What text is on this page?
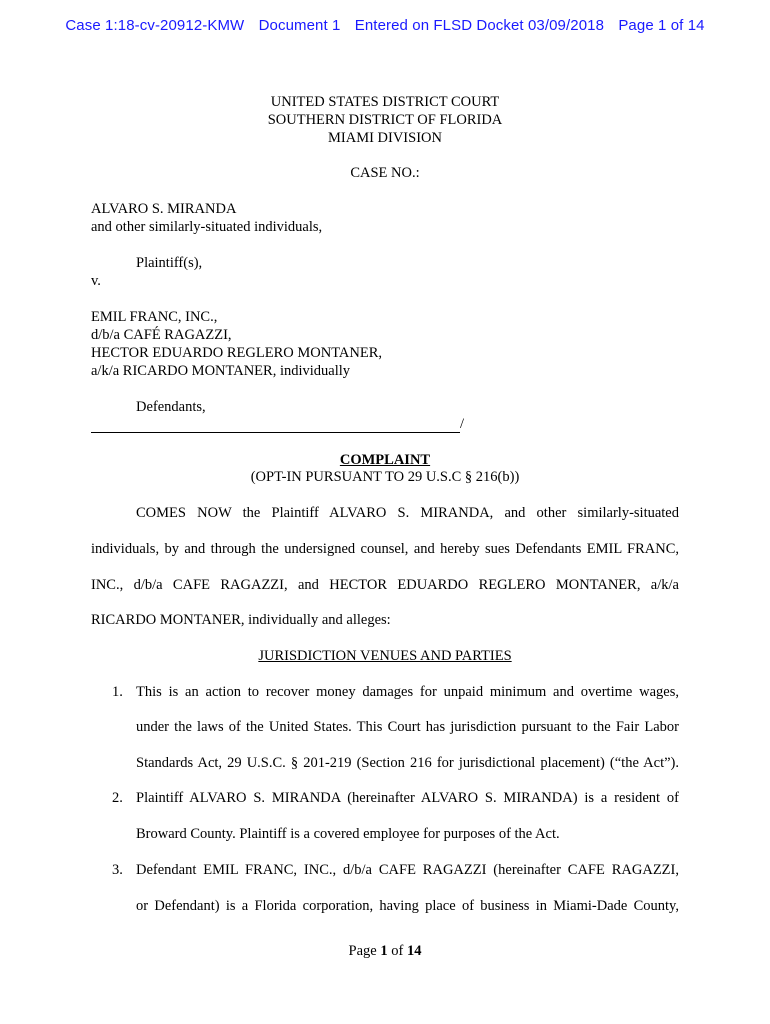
Case 1:18-cv-20912-KMW Document 1 Entered on FLSD Docket 03/09/2018 Page 1 of 14
UNITED STATES DISTRICT COURT
SOUTHERN DISTRICT OF FLORIDA
MIAMI DIVISION
CASE NO.:
ALVARO S. MIRANDA
and other similarly-situated individuals,
Plaintiff(s),
v.
EMIL FRANC, INC.,
d/b/a CAFÉ RAGAZZI,
HECTOR EDUARDO REGLERO MONTANER,
a/k/a RICARDO MONTANER, individually
Defendants,
/
COMPLAINT
(OPT-IN PURSUANT TO 29 U.S.C § 216(b))
COMES NOW the Plaintiff ALVARO S. MIRANDA, and other similarly-situated
individuals, by and through the undersigned counsel, and hereby sues Defendants EMIL FRANC,
INC., d/b/a CAFE RAGAZZI, and HECTOR EDUARDO REGLERO MONTANER, a/k/a
RICARDO MONTANER, individually and alleges:
JURISDICTION VENUES AND PARTIES
1. This is an action to recover money damages for unpaid minimum and overtime wages,
under the laws of the United States. This Court has jurisdiction pursuant to the Fair Labor
Standards Act, 29 U.S.C. § 201-219 (Section 216 for jurisdictional placement) (“the Act”).
2. Plaintiff ALVARO S. MIRANDA (hereinafter ALVARO S. MIRANDA) is a resident of
Broward County. Plaintiff is a covered employee for purposes of the Act.
3. Defendant EMIL FRANC, INC., d/b/a CAFE RAGAZZI (hereinafter CAFE RAGAZZI,
or Defendant) is a Florida corporation, having place of business in Miami-Dade County,
Page 1 of 14
